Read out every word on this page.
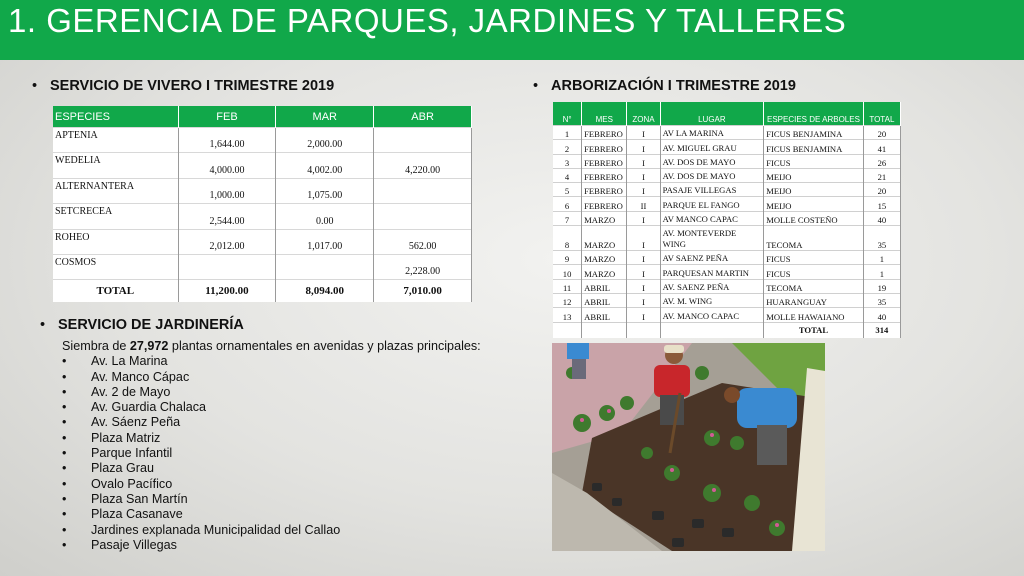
1. GERENCIA DE PARQUES, JARDINES Y TALLERES
• SERVICIO DE VIVERO I TRIMESTRE 2019
ESPECIES	FEB	MAR	ABR
APTENIA	1,644.00	2,000.00	
WEDELIA	4,000.00	4,002.00	4,220.00
ALTERNANTERA	1,000.00	1,075.00	
SETCRECEA	2,544.00	0.00	
ROHEO	2,012.00	1,017.00	562.00
COSMOS			2,228.00
TOTAL	11,200.00	8,094.00	7,010.00
• ARBORIZACIÓN I TRIMESTRE 2019
N°	MES	ZONA	LUGAR	ESPECIES DE ARBOLES	TOTAL
1	FEBRERO	I	AV LA MARINA	FICUS BENJAMINA	20
2	FEBRERO	I	AV. MIGUEL GRAU	FICUS BENJAMINA	41
3	FEBRERO	I	AV. DOS DE MAYO	FICUS	26
4	FEBRERO	I	AV. DOS DE MAYO	MEIJO	21
5	FEBRERO	I	PASAJE VILLEGAS	MEIJO	20
6	FEBRERO	II	PARQUE EL FANGO	MEIJO	15
7	MARZO	I	AV MANCO CAPAC	MOLLE COSTEÑO	40
8	MARZO	I	AV. MONTEVERDE WING	TECOMA	35
9	MARZO	I	AV SAENZ PEÑA	FICUS	1
10	MARZO	I	PARQUESAN MARTIN	FICUS	1
11	ABRIL	I	AV. SAENZ PEÑA	TECOMA	19
12	ABRIL	I	AV. M. WING	HUARANGUAY	35
13	ABRIL	I	AV. MANCO CAPAC	MOLLE HAWAIANO	40
				TOTAL	314
• SERVICIO DE JARDINERÍA
Siembra de 27,972 plantas ornamentales en avenidas y plazas principales:
• Av. La Marina
• Av. Manco Cápac
• Av. 2 de Mayo
• Av. Guardia Chalaca
• Av. Sáenz Peña
• Plaza Matriz
• Parque Infantil
• Plaza Grau
• Ovalo Pacífico
• Plaza San Martín
• Plaza Casanave
• Jardines explanada Municipalidad del Callao
• Pasaje Villegas
